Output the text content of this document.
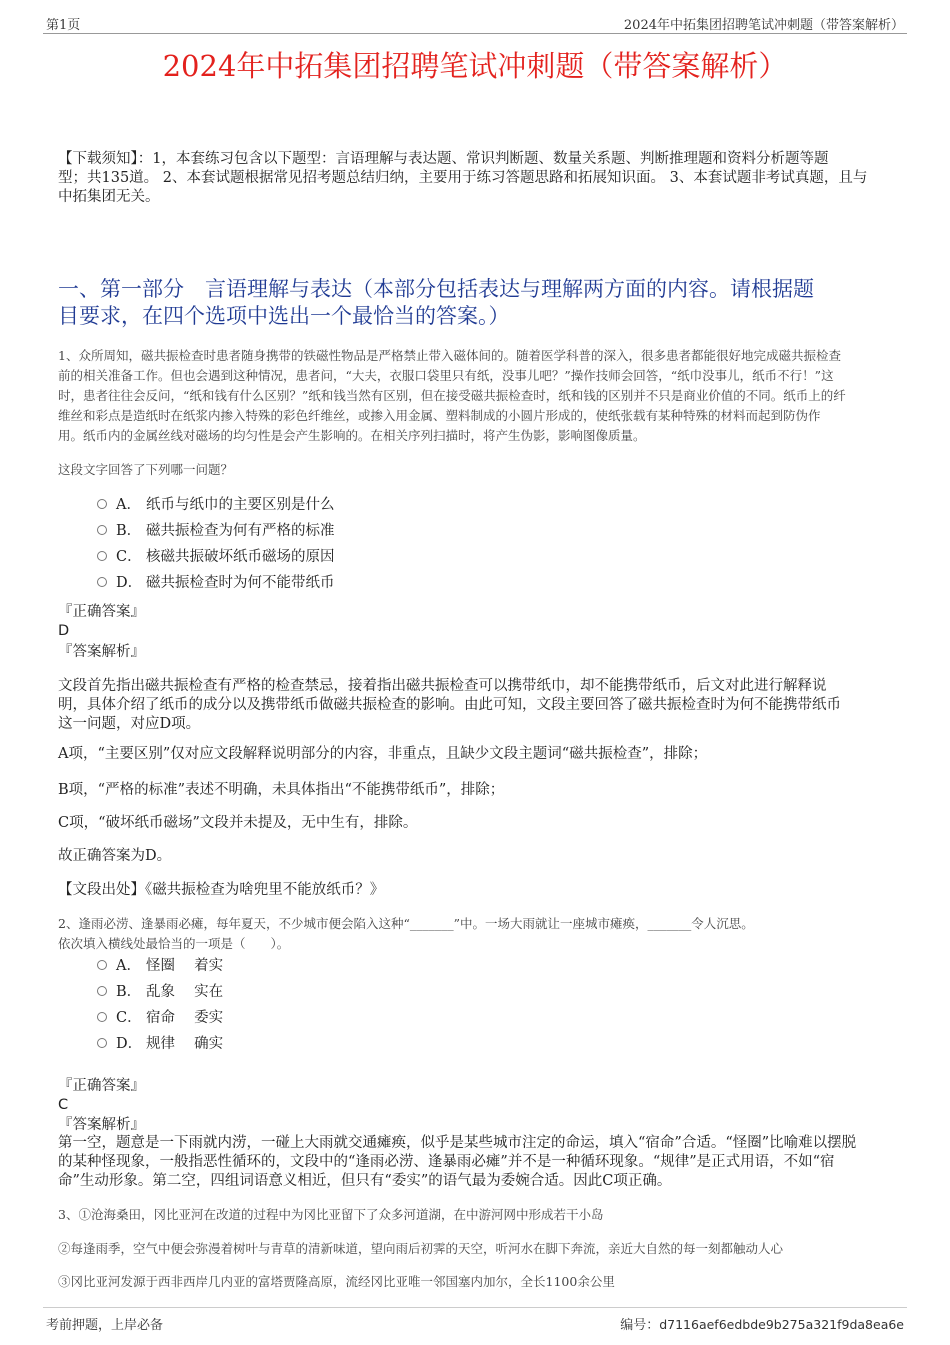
第1页	2024年中拓集团招聘笔试冲刺题（带答案解析）
2024年中拓集团招聘笔试冲刺题（带答案解析）
【下载须知】：1，本套练习包含以下题型：言语理解与表达题、常识判断题、数量关系题、判断推理题和资料分析题等题
型；共135道。 2、本套试题根据常见招考题总结归纳，主要用于练习答题思路和拓展知识面。 3、本套试题非考试真题，且与
中拓集团无关。
一、第一部分　言语理解与表达（本部分包括表达与理解两方面的内容。请根据题
目要求，在四个选项中选出一个最恰当的答案。）
1、众所周知，磁共振检查时患者随身携带的铁磁性物品是严格禁止带入磁体间的。随着医学科普的深入，很多患者都能很好地完成磁共振检查
前的相关准备工作。但也会遇到这种情况，患者问，“大夫，衣服口袋里只有纸，没事儿吧？”操作技师会回答，“纸巾没事儿，纸币不行！”这
时，患者往往会反问，“纸和钱有什么区别？”纸和钱当然有区别，但在接受磁共振检查时，纸和钱的区别并不只是商业价值的不同。纸币上的纤
维丝和彩点是造纸时在纸浆内掺入特殊的彩色纤维丝，或掺入用金属、塑料制成的小圆片形成的，使纸张载有某种特殊的材料而起到防伪作
用。纸币内的金属丝线对磁场的均匀性是会产生影响的。在相关序列扫描时，将产生伪影，影响图像质量。
这段文字回答了下列哪一问题？
A． 纸币与纸巾的主要区别是什么
B． 磁共振检查为何有严格的标准
C． 核磁共振破坏纸币磁场的原因
D． 磁共振检查时为何不能带纸币
『正确答案』
D
『答案解析』
文段首先指出磁共振检查有严格的检查禁忌，接着指出磁共振检查可以携带纸巾，却不能携带纸币，后文对此进行解释说
明，具体介绍了纸币的成分以及携带纸币做磁共振检查的影响。由此可知，文段主要回答了磁共振检查时为何不能携带纸币
这一问题，对应D项。
A项，“主要区别”仅对应文段解释说明部分的内容，非重点，且缺少文段主题词“磁共振检查”，排除；
B项，“严格的标准”表述不明确，未具体指出“不能携带纸币”，排除；
C项，“破坏纸币磁场”文段并未提及，无中生有，排除。
故正确答案为D。
【文段出处】《磁共振检查为啥兜里不能放纸币？》
2、逢雨必涝、逢暴雨必瘫，每年夏天，不少城市便会陷入这种“_______”中。一场大雨就让一座城市瘫痪，_______令人沉思。
依次填入横线处最恰当的一项是（　　）。
A． 怪圈　 着实
B． 乱象　 实在
C． 宿命　 委实
D． 规律　 确实
『正确答案』
C
『答案解析』
第一空，题意是一下雨就内涝，一碰上大雨就交通瘫痪，似乎是某些城市注定的命运，填入“宿命”合适。“怪圈”比喻难以摆脱
的某种怪现象，一般指恶性循环的，文段中的“逢雨必涝、逢暴雨必瘫”并不是一种循环现象。“规律”是正式用语，不如“宿
命”生动形象。第二空，四组词语意义相近，但只有“委实”的语气最为委婉合适。因此C项正确。
3、①沧海桑田，冈比亚河在改道的过程中为冈比亚留下了众多河道湖，在中游河网中形成若干小岛
②每逢雨季，空气中便会弥漫着树叶与青草的清新味道，望向雨后初霁的天空，听河水在脚下奔流，亲近大自然的每一刻都触动人心
③冈比亚河发源于西非西岸几内亚的富塔贾隆高原，流经冈比亚唯一邻国塞内加尔，全长1100余公里
考前押题，上岸必备	编号：d7116aef6edbde9b275a321f9da8ea6e
